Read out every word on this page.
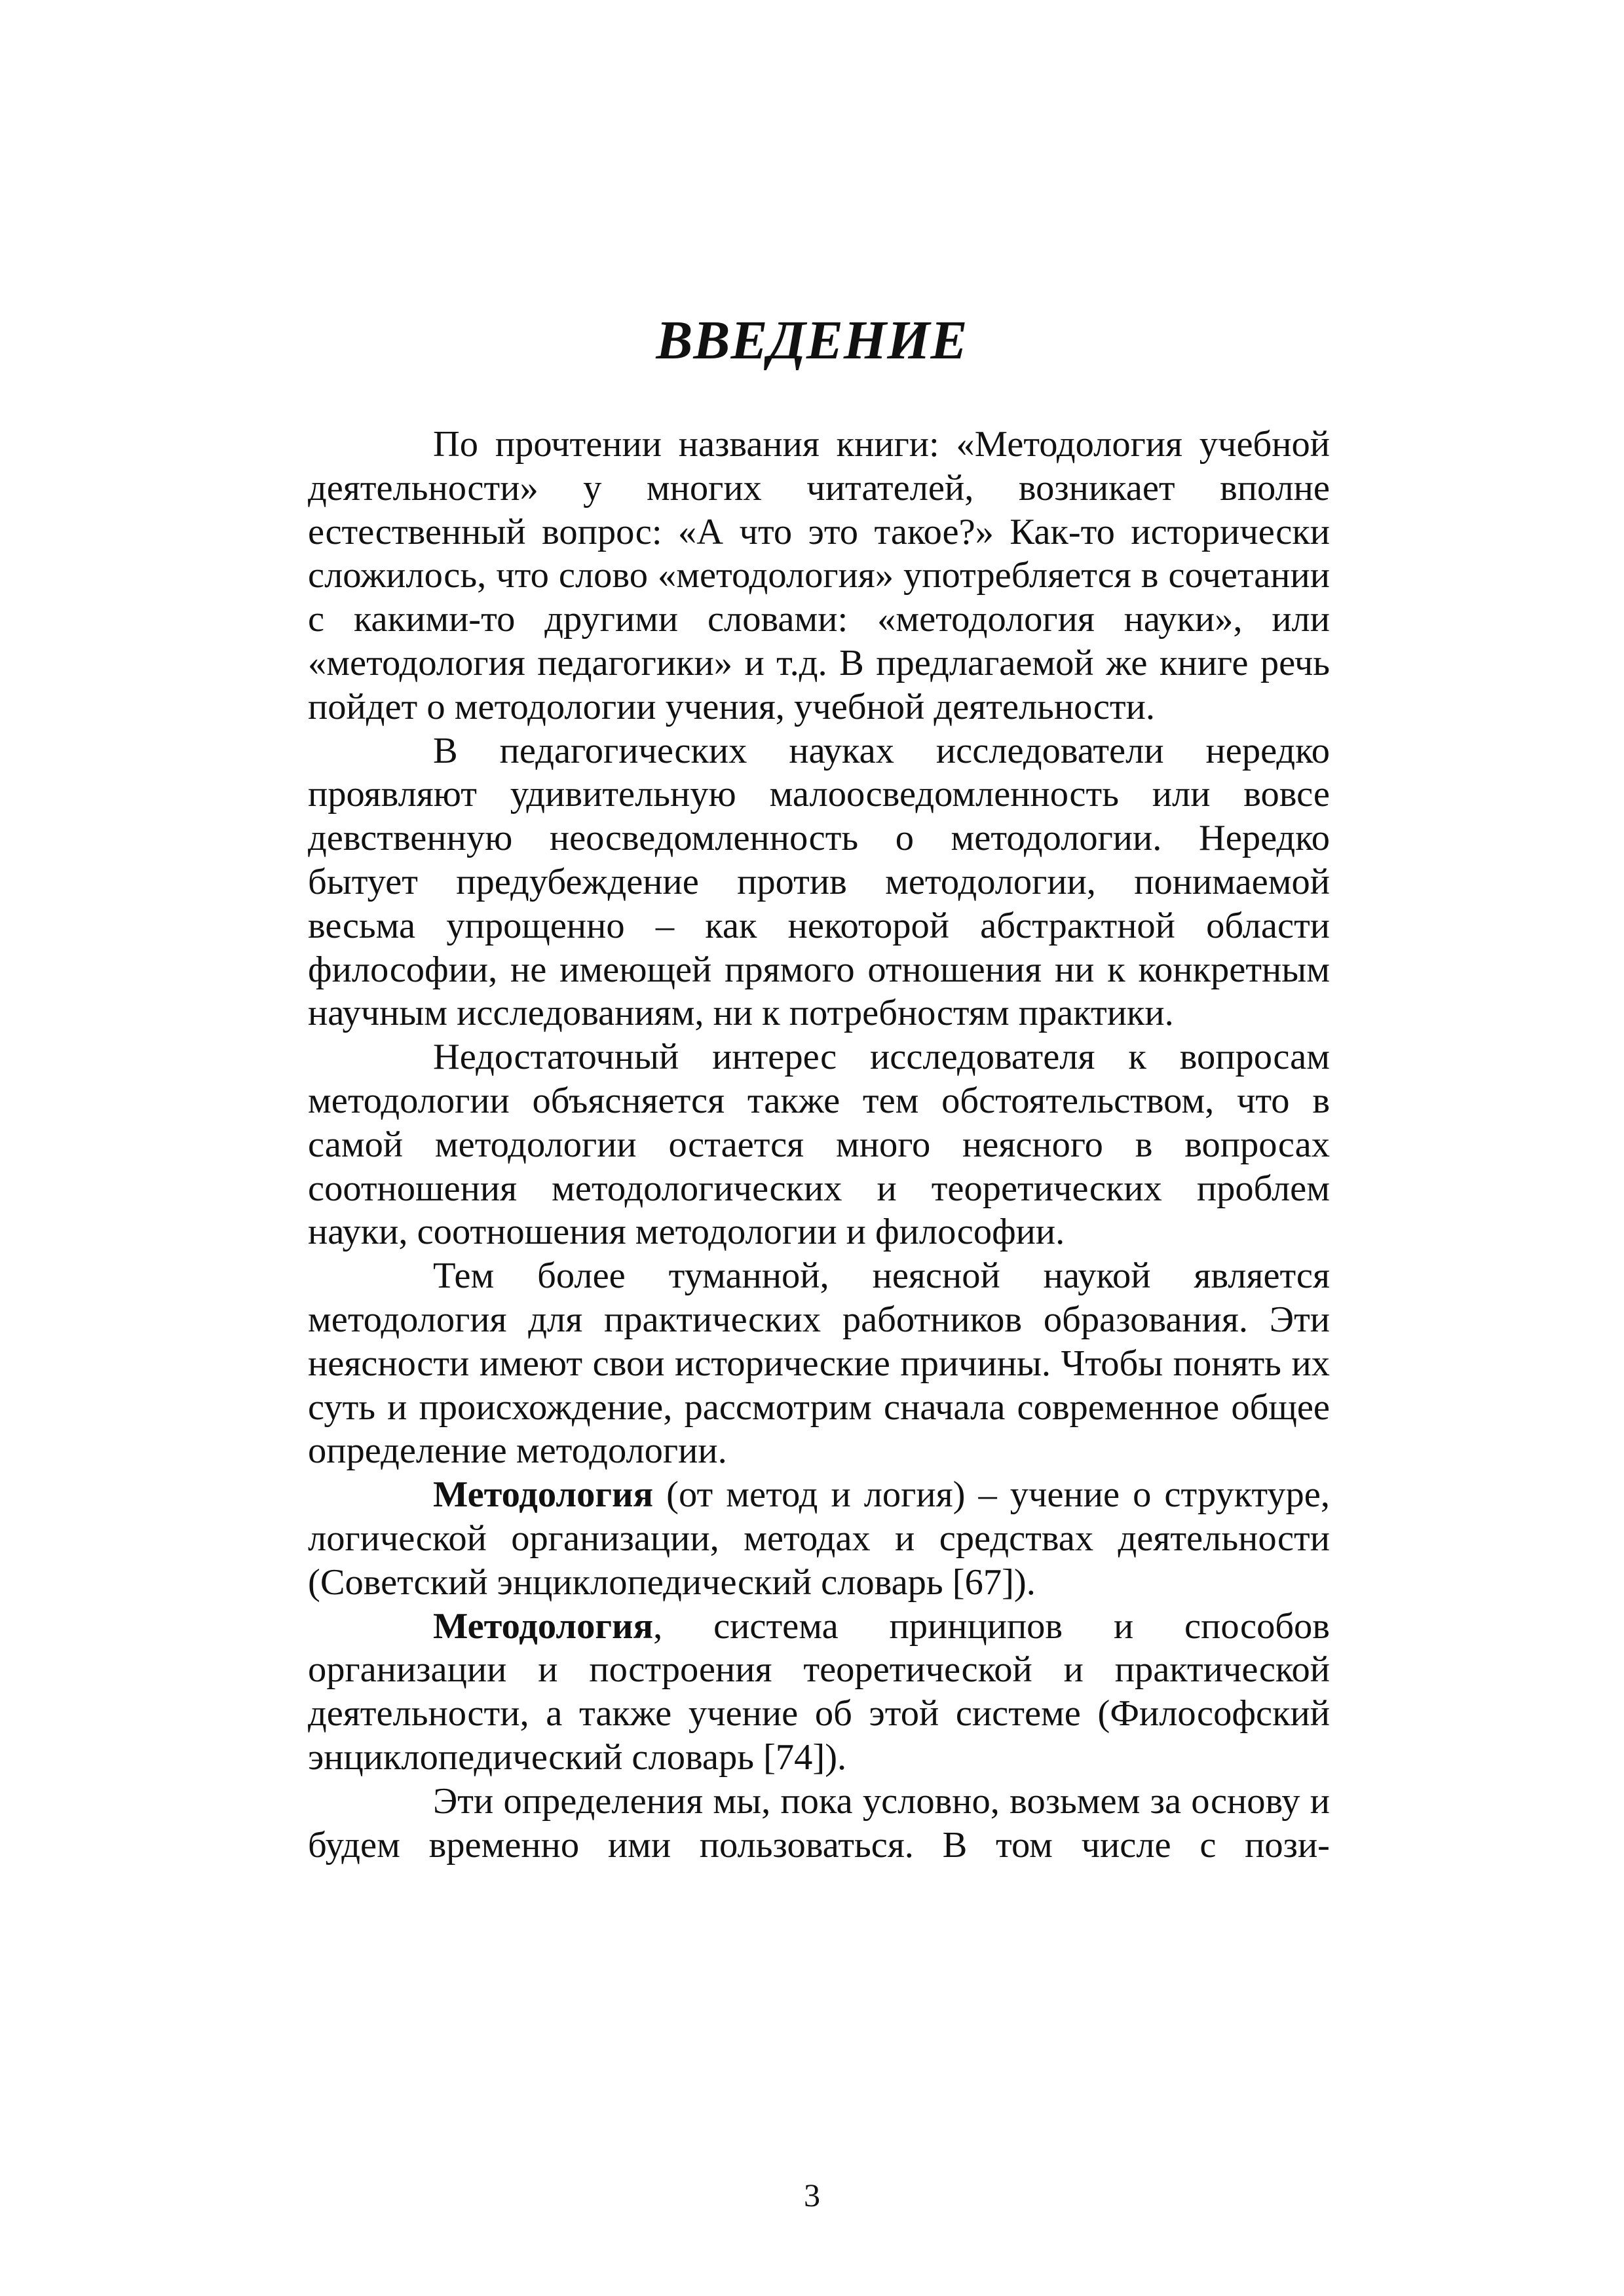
ВВЕДЕНИЕ

По прочтении названия книги: «Методология учебной деятельности» у многих читателей, возникает вполне естественный вопрос: «А что это такое?» Как-то исторически сложилось, что слово «методология» употребляется в сочетании с какими-то другими словами: «методология науки», или «методология педагогики» и т.д. В предлагаемой же книге речь пойдет о методологии учения, учебной деятельности.

В педагогических науках исследователи нередко проявляют удивительную малоосведомленность или вовсе девственную неосведомленность о методологии. Нередко бытует предубеждение против методологии, понимаемой весьма упрощенно – как некоторой абстрактной области философии, не имеющей прямого отношения ни к конкретным научным исследованиям, ни к потребностям практики.

Недостаточный интерес исследователя к вопросам методологии объясняется также тем обстоятельством, что в самой методологии остается много неясного в вопросах соотношения методологических и теоретических проблем науки, соотношения методологии и философии.

Тем более туманной, неясной наукой является методология для практических работников образования. Эти неясности имеют свои исторические причины. Чтобы понять их суть и происхождение, рассмотрим сначала современное общее определение методологии.

Методология (от метод и логия) – учение о структуре, логической организации, методах и средствах деятельности (Советский энциклопедический словарь [67]).

Методология, система принципов и способов организации и построения теоретической и практической деятельности, а также учение об этой системе (Философский энциклопедический словарь [74]).

Эти определения мы, пока условно, возьмем за основу и будем временно ими пользоваться. В том числе с пози-

3
